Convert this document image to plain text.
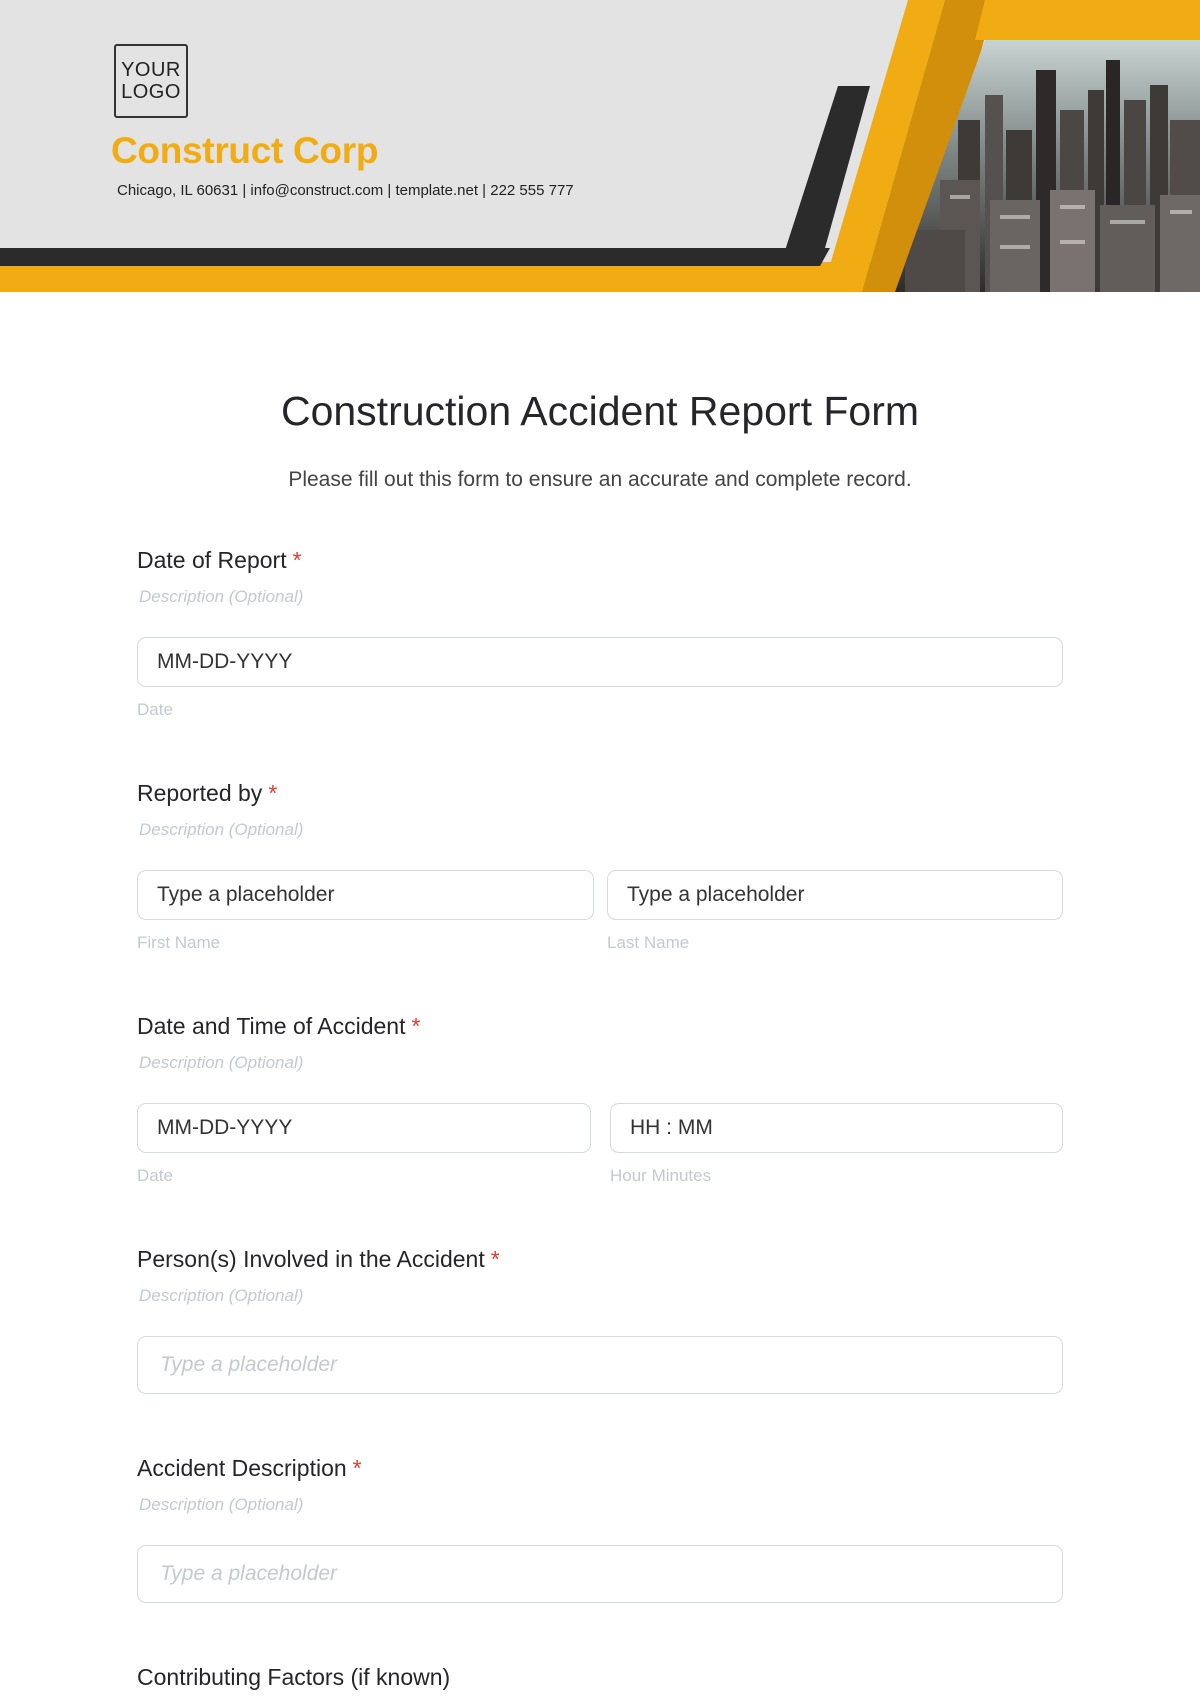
YOUR
LOGO
Construct Corp
Chicago, IL 60631 | info@construct.com | template.net | 222 555 777
Construction Accident Report Form
Please fill out this form to ensure an accurate and complete record.
Date of Report *
Description (Optional)
MM-DD-YYYY
Date
Reported by *
Description (Optional)
Type a placeholder	Type a placeholder
First Name	Last Name
Date and Time of Accident *
Description (Optional)
MM-DD-YYYY	HH : MM
Date	Hour Minutes
Person(s) Involved in the Accident *
Description (Optional)
Type a placeholder
Accident Description *
Description (Optional)
Type a placeholder
Contributing Factors (if known)
